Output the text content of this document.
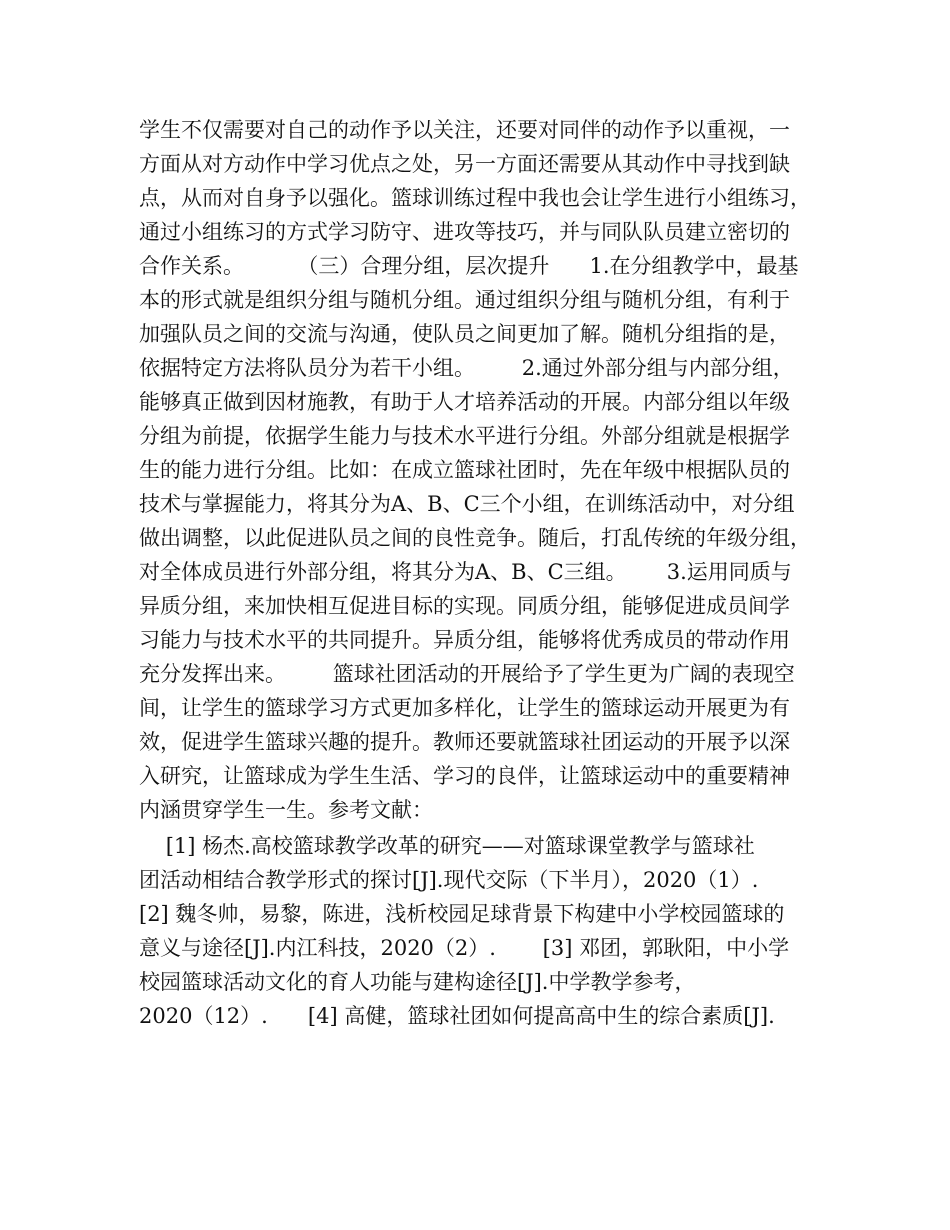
学生不仅需要对自己的动作予以关注，还要对同伴的动作予以重视，一
方面从对方动作中学习优点之处，另一方面还需要从其动作中寻找到缺
点，从而对自身予以强化。篮球训练过程中我也会让学生进行小组练习，
通过小组练习的方式学习防守、进攻等技巧，并与同队队员建立密切的
合作关系。        （三）合理分组，层次提升      1.在分组教学中，最基
本的形式就是组织分组与随机分组。通过组织分组与随机分组，有利于
加强队员之间的交流与沟通，使队员之间更加了解。随机分组指的是，
依据特定方法将队员分为若干小组。       2.通过外部分组与内部分组，
能够真正做到因材施教，有助于人才培养活动的开展。内部分组以年级
分组为前提，依据学生能力与技术水平进行分组。外部分组就是根据学
生的能力进行分组。比如：在成立篮球社团时，先在年级中根据队员的
技术与掌握能力，将其分为A、B、C三个小组，在训练活动中，对分组
做出调整，以此促进队员之间的良性竞争。随后，打乱传统的年级分组，
对全体成员进行外部分组，将其分为A、B、C三组。      3.运用同质与
异质分组，来加快相互促进目标的实现。同质分组，能够促进成员间学
习能力与技术水平的共同提升。异质分组，能够将优秀成员的带动作用
充分发挥出来。       篮球社团活动的开展给予了学生更为广阔的表现空
间，让学生的篮球学习方式更加多样化，让学生的篮球运动开展更为有
效，促进学生篮球兴趣的提升。教师还要就篮球社团运动的开展予以深
入研究，让篮球成为学生生活、学习的良伴，让篮球运动中的重要精神
内涵贯穿学生一生。参考文献：
[1] 杨杰.高校篮球教学改革的研究——对篮球课堂教学与篮球社
团活动相结合教学形式的探讨[J].现代交际（下半月），2020（1）.
[2] 魏冬帅，易黎，陈进，浅析校园足球背景下构建中小学校园篮球的
意义与途径[J].内江科技，2020（2）.       [3] 邓团，郭耿阳，中小学
校园篮球活动文化的育人功能与建构途径[J].中学教学参考，
2020（12）.      [4] 高健，篮球社团如何提高高中生的综合素质[J].
